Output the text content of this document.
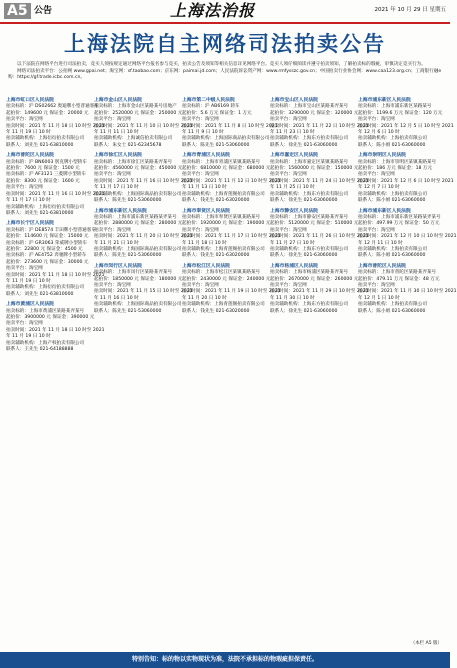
A5 公告	上海法治报	2021 年 10 月 29 日 星期五
上海法院自主网络司法拍卖公告

以下法院在网络平台进行司法拍卖，竞买人须按规定通过网络平台报名参与竞买，拍卖公告及须知等相关信息详见网络平台。竞买人须仔细阅读并遵守拍卖须知，了解拍卖标的瑕疵，审慎决定竞买行为。

网络司法拍卖平台：公拍网 www.gpai.net；淘宝网：sf.taobao.com；京东网：paimai.jd.com；人民法院诉讼资产网：www.rmfysszc.gov.cn；中国拍卖行业协会网：www.caa123.org.cn；工商银行融e购：https://gf.trade.icbc.com.cn。

上海市虹口区人民法院
拍卖标的：沪 DS02662 奥迪牌小型普通客车
起拍价：149600 元 保证金：20000 元
拍卖平台：淘宝网
拍卖时间：2021 年 11 月 18 日 10 时至 2021
年 11 月 19 日 10 时
拍卖辅助机构：上海衍衍拍卖有限公司
联系人：刘先生 021-63810000
上海市普陀区人民法院
拍卖标的：沪 BN6003 别克牌小型轿车
起拍价：7600 元 保证金：1500 元
拍卖标的：沪 AF3121 三菱牌小型轿车
起拍价：8300 元 保证金：1600 元
拍卖平台：淘宝网
拍卖时间：2021 年 11 月 16 日 10 时至 2021
年 11 月 17 日 10 时
拍卖辅助机构：上海衍衍拍卖有限公司
联系人：刘先生 021-63810000
上海市长宁区人民法院
拍卖标的：沪 DE8574 丰田牌小型普通客车
起拍价：114600 元 保证金：15000 元
拍卖标的：沪 GR3063 荣威牌小型轿车
起拍价：22800 元 保证金：4500 元
拍卖标的：沪 AE4752 奔驰牌小型轿车
起拍价：273600 元 保证金：30000 元
拍卖平台：淘宝网
拍卖时间：2021 年 11 月 18 日 10 时至 2021
年 11 月 19 日 10 时
拍卖辅助机构：上海衍衍拍卖有限公司
联系人：刘先生 021-63810000
上海市黄浦区人民法院
拍卖标的：上海市黄浦区某路某弄某号
起拍价：3900000 元 保证金：390000 元
拍卖平台：淘宝网
拍卖时间：2021 年 11 月 18 日 10 时至 2021
年 11 月 19 日 10 时
拍卖辅助机构：上海产权拍卖有限公司
联系人：王先生 021-64188888
上海市金山区人民法院
拍卖标的：上海市金山区某路某号房地产
起拍价：2520000 元 保证金：250000 元
拍卖平台：淘宝网
拍卖时间：2021 年 11 月 10 日 10 时至 2021
年 11 月 11 日 10 时
拍卖辅助机构：上海诚信拍卖有限公司
联系人：朱女士 021-62345678
上海市徐汇区人民法院
拍卖标的：上海市徐汇区某路某弄某号
起拍价：4560000 元 保证金：450000 元
拍卖平台：淘宝网
拍卖时间：2021 年 11 月 16 日 10 时至 2021
年 11 月 17 日 10 时
拍卖辅助机构：上海国际商品拍卖有限公司
联系人：陈先生 021-53060000
上海市浦东新区人民法院
拍卖标的：上海市浦东新区某路某弄某号
起拍价：2880000 元 保证金：280000 元
拍卖平台：淘宝网
拍卖时间：2021 年 11 月 20 日 10 时至 2021
年 11 月 21 日 10 时
拍卖辅助机构：上海国际商品拍卖有限公司
联系人：陈先生 021-53060000
上海市闵行区人民法院
拍卖标的：上海市闵行区某路某弄某号
起拍价：1850000 元 保证金：180000 元
拍卖平台：淘宝网
拍卖时间：2021 年 11 月 15 日 10 时至 2021
年 11 月 16 日 10 时
拍卖辅助机构：上海国际商品拍卖有限公司
联系人：陈先生 021-53060000
上海市第二中级人民法院
拍卖标的：沪 AB6169 轿车
起拍价：5.6 万元 保证金：1 万元
拍卖平台：淘宝网
拍卖时间：2021 年 11 月 8 日 10 时至 2021
年 11 月 9 日 10 时
拍卖辅助机构：上海国际商品拍卖有限公司
联系人：陈先生 021-53060000
上海市青浦区人民法院
拍卖标的：上海市青浦区某镇某路某号
起拍价：6810000 元 保证金：680000 元
拍卖平台：淘宝网
拍卖时间：2021 年 11 月 12 日 10 时至 2021
年 11 月 13 日 10 时
拍卖辅助机构：上海青莲阁拍卖有限公司
联系人：钱先生 021-63020000
上海市奉贤区人民法院
拍卖标的：上海市奉贤区某镇某路某号
起拍价：1920000 元 保证金：190000 元
拍卖平台：淘宝网
拍卖时间：2021 年 11 月 17 日 10 时至 2021
年 11 月 18 日 10 时
拍卖辅助机构：上海青莲阁拍卖有限公司
联系人：钱先生 021-63020000
上海市松江区人民法院
拍卖标的：上海市松江区某镇某路某号
起拍价：2430000 元 保证金：240000 元
拍卖平台：淘宝网
拍卖时间：2021 年 11 月 19 日 10 时至 2021
年 11 月 20 日 10 时
拍卖辅助机构：上海青莲阁拍卖有限公司
联系人：钱先生 021-63020000
上海市宝山区人民法院
拍卖标的：上海市宝山区某路某弄某号
起拍价：3290000 元 保证金：320000 元
拍卖平台：淘宝网
拍卖时间：2021 年 11 月 22 日 10 时至 2021
年 11 月 23 日 10 时
拍卖辅助机构：上海东方拍卖有限公司
联系人：徐先生 021-63060000
上海市嘉定区人民法院
拍卖标的：上海市嘉定区某镇某路某号
起拍价：1560000 元 保证金：150000 元
拍卖平台：淘宝网
拍卖时间：2021 年 11 月 24 日 10 时至 2021
年 11 月 25 日 10 时
拍卖辅助机构：上海东方拍卖有限公司
联系人：徐先生 021-63060000
上海市静安区人民法院
拍卖标的：上海市静安区某路某弄某号
起拍价：5120000 元 保证金：510000 元
拍卖平台：淘宝网
拍卖时间：2021 年 11 月 26 日 10 时至 2021
年 11 月 27 日 10 时
拍卖辅助机构：上海东方拍卖有限公司
联系人：徐先生 021-63060000
上海市杨浦区人民法院
拍卖标的：上海市杨浦区某路某弄某号
起拍价：2670000 元 保证金：260000 元
拍卖平台：淘宝网
拍卖时间：2021 年 11 月 29 日 10 时至 2021
年 11 月 30 日 10 时
拍卖辅助机构：上海东方拍卖有限公司
联系人：徐先生 021-63060000
上海市浦东新区人民法院
拍卖标的：上海市浦东新区某路某号
起拍价：1199.6 万元 保证金：120 万元
拍卖平台：淘宝网
拍卖时间：2021 年 12 月 5 日 10 时至 2021
年 12 月 6 日 10 时
拍卖辅助机构：上海拍卖有限公司
联系人：陈小姐 021-63060000
上海市崇明区人民法院
拍卖标的：上海市崇明区某镇某路某号
起拍价：186 万元 保证金：18 万元
拍卖平台：淘宝网
拍卖时间：2021 年 12 月 6 日 10 时至 2021
年 12 月 7 日 10 时
拍卖辅助机构：上海拍卖有限公司
联系人：陈小姐 021-63060000
上海市浦东新区人民法院
拍卖标的：上海市浦东新区某路某弄某号
起拍价：497.99 万元 保证金：50 万元
拍卖平台：淘宝网
拍卖时间：2021 年 12 月 10 日 10 时至 2021
年 12 月 11 日 10 时
拍卖辅助机构：上海拍卖有限公司
联系人：陈小姐 021-63060000
上海市普陀区人民法院
拍卖标的：上海市普陀区某路某弄某号
起拍价：479.11 万元 保证金：48 万元
拍卖平台：淘宝网
拍卖时间：2021 年 11 月 30 日 10 时至 2021
年 12 月 1 日 10 时
拍卖辅助机构：上海拍卖有限公司
联系人：陈小姐 021-63060000
（本栏 A5 版）
特别告知：标的物以实物现状为准，法院不承担标的物瑕疵担保责任。
